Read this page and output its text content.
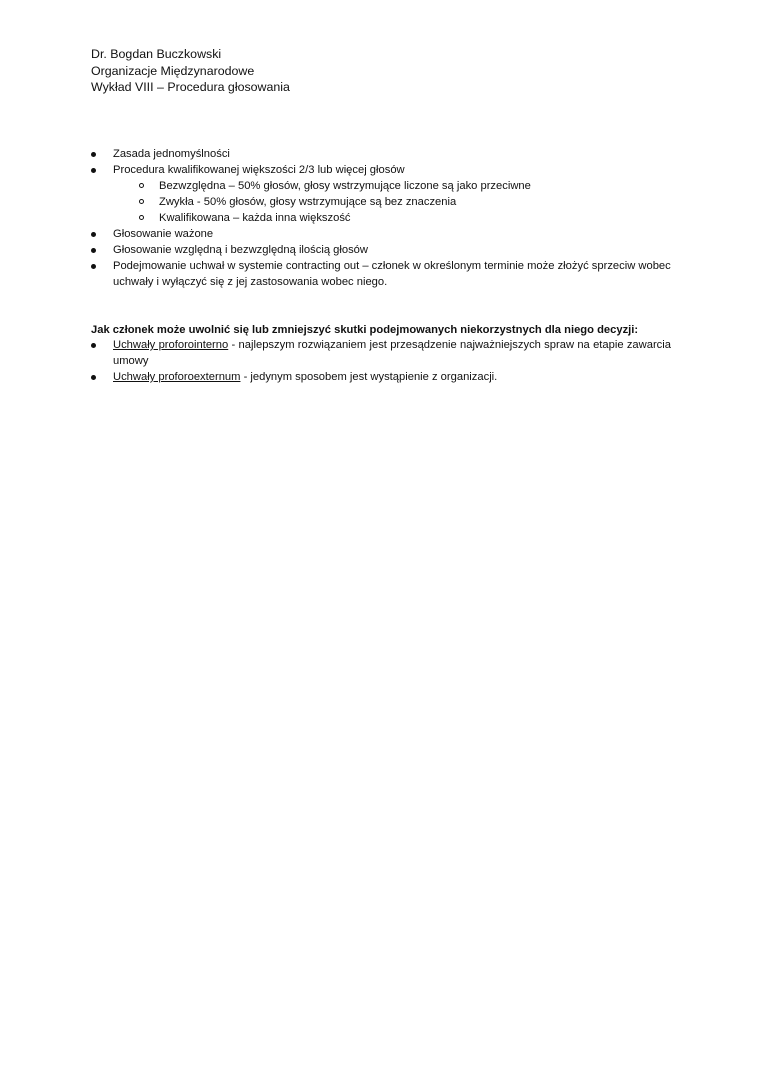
Dr. Bogdan Buczkowski
Organizacje Międzynarodowe
Wykład VIII – Procedura głosowania
Zasada jednomyślności
Procedura kwalifikowanej większości 2/3 lub więcej głosów
Bezwzględna – 50% głosów, głosy wstrzymujące liczone są jako przeciwne
Zwykła - 50% głosów, głosy wstrzymujące są bez znaczenia
Kwalifikowana – każda inna większość
Głosowanie ważone
Głosowanie względną i bezwzględną ilością głosów
Podejmowanie uchwał w systemie contracting out – członek w określonym terminie może złożyć sprzeciw wobec uchwały i wyłączyć się z jej zastosowania wobec niego.
Jak członek może uwolnić się lub zmniejszyć skutki podejmowanych niekorzystnych dla niego decyzji:
Uchwały proforointerno - najlepszym rozwiązaniem jest przesądzenie najważniejszych spraw na etapie zawarcia umowy
Uchwały proforoexternum - jedynym sposobem jest wystąpienie z organizacji.
